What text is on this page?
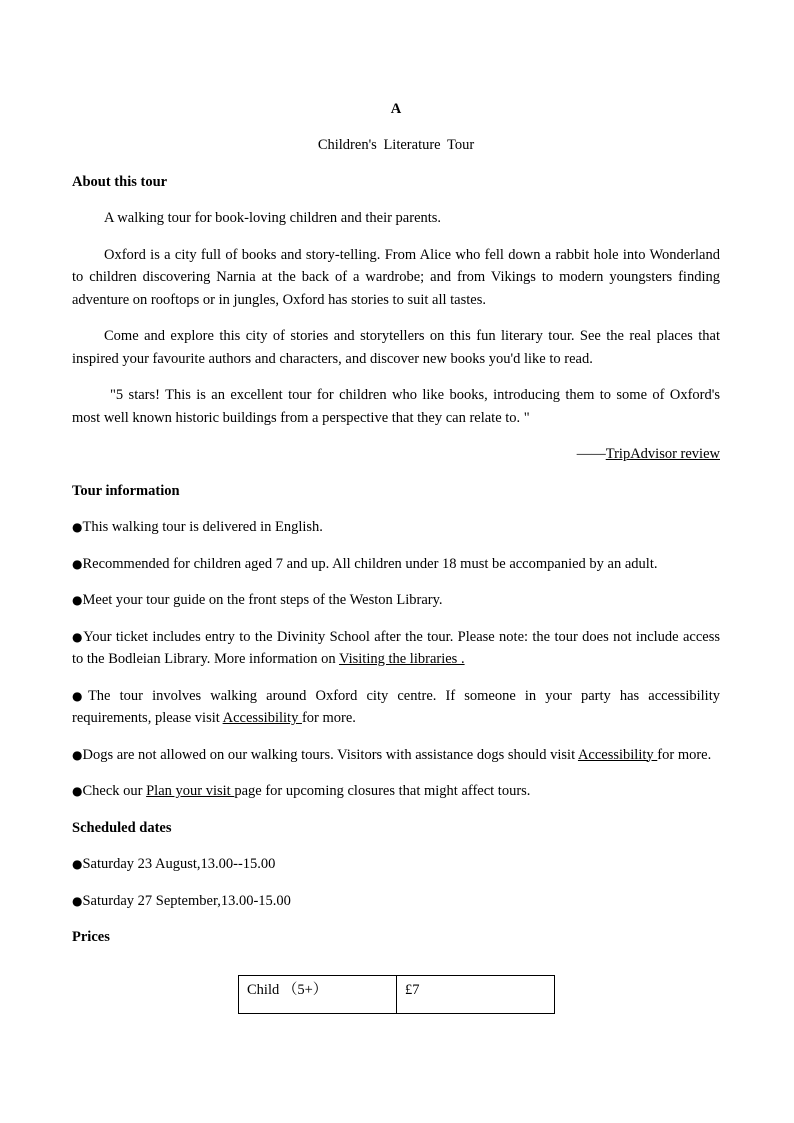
A
Children's Literature Tour
About this tour

A walking tour for book-loving children and their parents.

Oxford is a city full of books and story-telling. From Alice who fell down a rabbit hole into Wonderland to children discovering Narnia at the back of a wardrobe; and from Vikings to modern youngsters finding adventure on rooftops or in jungles, Oxford has stories to suit all tastes.

Come and explore this city of stories and storytellers on this fun literary tour. See the real places that inspired your favourite authors and characters, and discover new books you'd like to read.

"5 stars! This is an excellent tour for children who like books, introducing them to some of Oxford's most well known historic buildings from a perspective that they can relate to. "

——TripAdvisor review

Tour information

●This walking tour is delivered in English.

●Recommended for children aged 7 and up. All children under 18 must be accompanied by an adult.

●Meet your tour guide on the front steps of the Weston Library.

●Your ticket includes entry to the Divinity School after the tour. Please note: the tour does not include access to the Bodleian Library. More information on Visiting the libraries .

●The tour involves walking around Oxford city centre. If someone in your party has accessibility requirements, please visit Accessibility for more.

●Dogs are not allowed on our walking tours. Visitors with assistance dogs should visit Accessibility for more.

●Check our Plan your visit page for upcoming closures that might affect tours.

Scheduled dates

●Saturday 23 August,13.00--15.00

●Saturday 27 September,13.00-15.00

Prices
Child （5+）	£7
